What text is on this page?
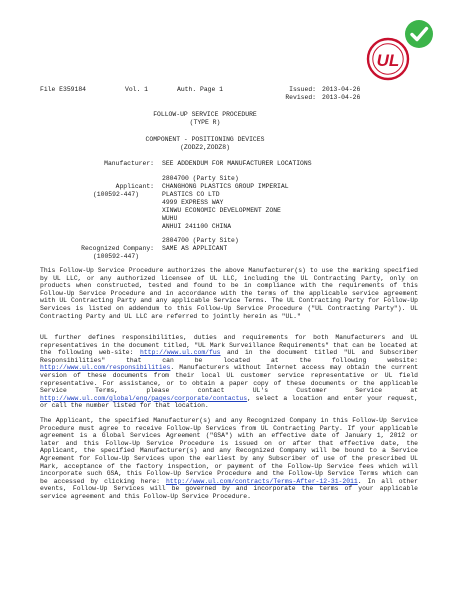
UL
File E359184	Vol. 1	Auth. Page 1	Issued: 2013-04-26
Revised: 2013-04-26
FOLLOW-UP SERVICE PROCEDURE
(TYPE R)
COMPONENT - POSITIONING DEVICES
(ZODZ2,ZODZ8)
Manufacturer: SEE ADDENDUM FOR MANUFACTURER LOCATIONS
2804700 (Party Site)
Applicant:
(100592-447)
CHANGHONG PLASTICS GROUP IMPERIAL
PLASTICS CO LTD
4999 EXPRESS WAY
XINWU ECONOMIC DEVELOPMENT ZONE
WUHU
ANHUI 241100 CHINA
2804700 (Party Site)
Recognized Company: SAME AS APPLICANT
(100592-447)

This Follow-Up Service Procedure authorizes the above Manufacturer(s) to use the marking specified by UL LLC, or any authorized licensee of UL LLC, including the UL Contracting Party, only on products when constructed, tested and found to be in compliance with the requirements of this Follow-Up Service Procedure and in accordance with the terms of the applicable service agreement with UL Contracting Party and any applicable Service Terms. The UL Contracting Party for Follow-Up Services is listed on addendum to this Follow-Up Service Procedure ("UL Contracting Party"). UL Contracting Party and UL LLC are referred to jointly herein as "UL."

UL further defines responsibilities, duties and requirements for both Manufacturers and UL representatives in the document titled, "UL Mark Surveillance Requirements" that can be located at the following web-site: http://www.ul.com/fus and in the document titled "UL and Subscriber Responsibilities" that can be located at the following website: http://www.ul.com/responsibilities. Manufacturers without Internet access may obtain the current version of these documents from their local UL customer service representative or UL field representative. For assistance, or to obtain a paper copy of these documents or the applicable Service Terms, please contact UL's Customer Service at http://www.ul.com/global/eng/pages/corporate/contactus, select a location and enter your request, or call the number listed for that location.

The Applicant, the specified Manufacturer(s) and any Recognized Company in this Follow-Up Service Procedure must agree to receive Follow-Up Services from UL Contracting Party. If your applicable agreement is a Global Services Agreement ("GSA") with an effective date of January 1, 2012 or later and this Follow-Up Service Procedure is issued on or after that effective date, the Applicant, the specified Manufacturer(s) and any Recognized Company will be bound to a Service Agreement for Follow-Up Services upon the earliest by any Subscriber of use of the prescribed UL Mark, acceptance of the factory inspection, or payment of the Follow-Up Service fees which will incorporate such GSA, this Follow-Up Service Procedure and the Follow-Up Service Terms which can be accessed by clicking here: http://www.ul.com/contracts/Terms-After-12-31-2011. In all other events, Follow-Up Services will be governed by and incorporate the terms of your applicable service agreement and this Follow-Up Service Procedure.
